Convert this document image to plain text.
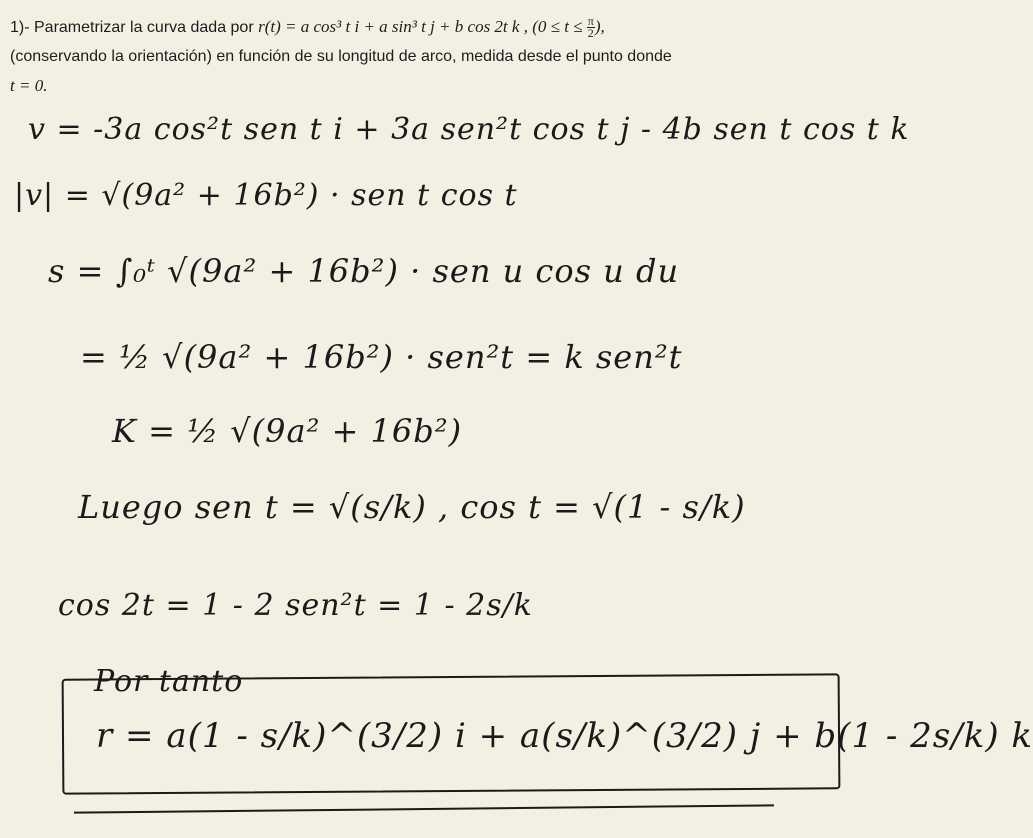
1)- Parametrizar la curva dada por r(t) = a cos³ t i + a sin³ t j + b cos 2t k , ($0 \le t \le \frac{\pi}{2}$ ),
(conservando la orientación) en función de su longitud de arco, medida desde el punto donde
t = 0.
v = -3a cos²t sen t i + 3a sen²t cos t j - 4b sen t cos t k
|v| = √(9a² + 16b²) · sen t cos t
s = ∫₀ᵗ √(9a² + 16b²) · sen u cos u du
= ½ √(9a² + 16b²) · sen²t = k sen²t
K = ½ √(9a² + 16b²)
Luego sen t = √(s/k) , cos t = √(1 - s/k)
cos 2t = 1 - 2 sen²t = 1 - 2s/k
Por tanto
r = a(1 - s/k)^(3/2) i + a(s/k)^(3/2) j + b(1 - 2s/k) k
